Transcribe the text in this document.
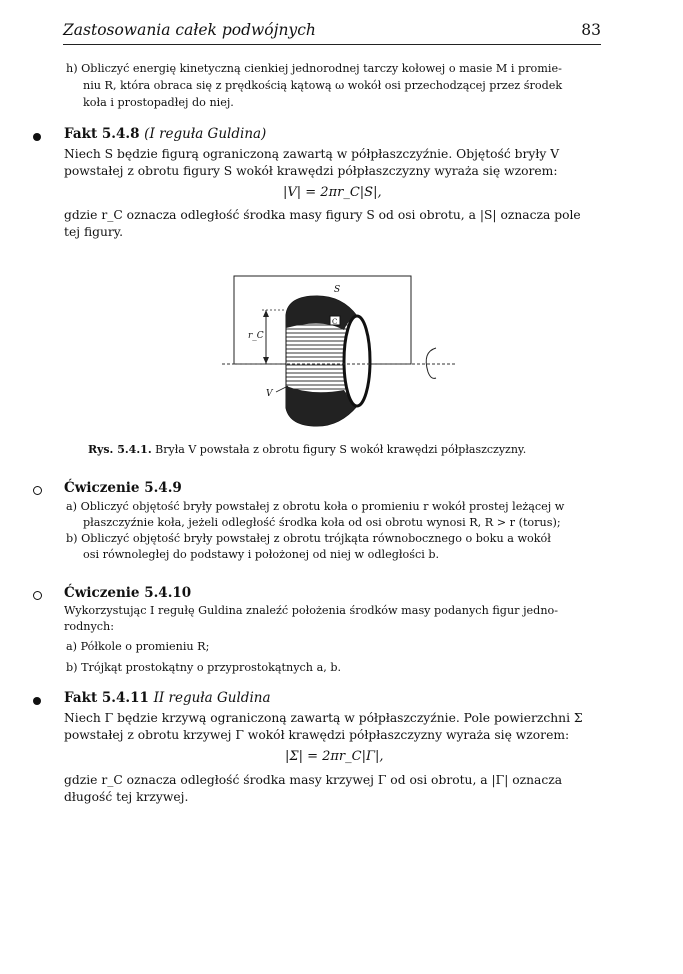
Zastosowania całek podwójnych	83
h) Obliczyć energię kinetyczną cienkiej jednorodnej tarczy kołowej o masie M i promie-
niu R, która obraca się z prędkością kątową ω wokół osi przechodzącej przez środek
koła i prostopadłej do niej.
Fakt 5.4.8 (I reguła Guldina)
Niech S będzie figurą ograniczoną zawartą w półpłaszczyźnie. Objętość bryły V
powstałej z obrotu figury S wokół krawędzi półpłaszczyzny wyraża się wzorem:
|V| = 2πr_C|S|,
gdzie r_C oznacza odległość środka masy figury S od osi obrotu, a |S| oznacza pole
tej figury.
C
r_C
S
V
Rys. 5.4.1. Bryła V powstała z obrotu figury S wokół krawędzi półpłaszczyzny.
Ćwiczenie 5.4.9
a) Obliczyć objętość bryły powstałej z obrotu koła o promieniu r wokół prostej leżącej w
płaszczyźnie koła, jeżeli odległość środka koła od osi obrotu wynosi R, R > r (torus);
b) Obliczyć objętość bryły powstałej z obrotu trójkąta równobocznego o boku a wokół
osi równoległej do podstawy i położonej od niej w odległości b.
Ćwiczenie 5.4.10
Wykorzystując I regułę Guldina znaleźć położenia środków masy podanych figur jedno-
rodnych:
a) Półkole o promieniu R;
b) Trójkąt prostokątny o przyprostokątnych a, b.
Fakt 5.4.11 II reguła Guldina
Niech Γ będzie krzywą ograniczoną zawartą w półpłaszczyźnie. Pole powierzchni Σ
powstałej z obrotu krzywej Γ wokół krawędzi półpłaszczyzny wyraża się wzorem:
|Σ| = 2πr_C|Γ|,
gdzie r_C oznacza odległość środka masy krzywej Γ od osi obrotu, a |Γ| oznacza
długość tej krzywej.
